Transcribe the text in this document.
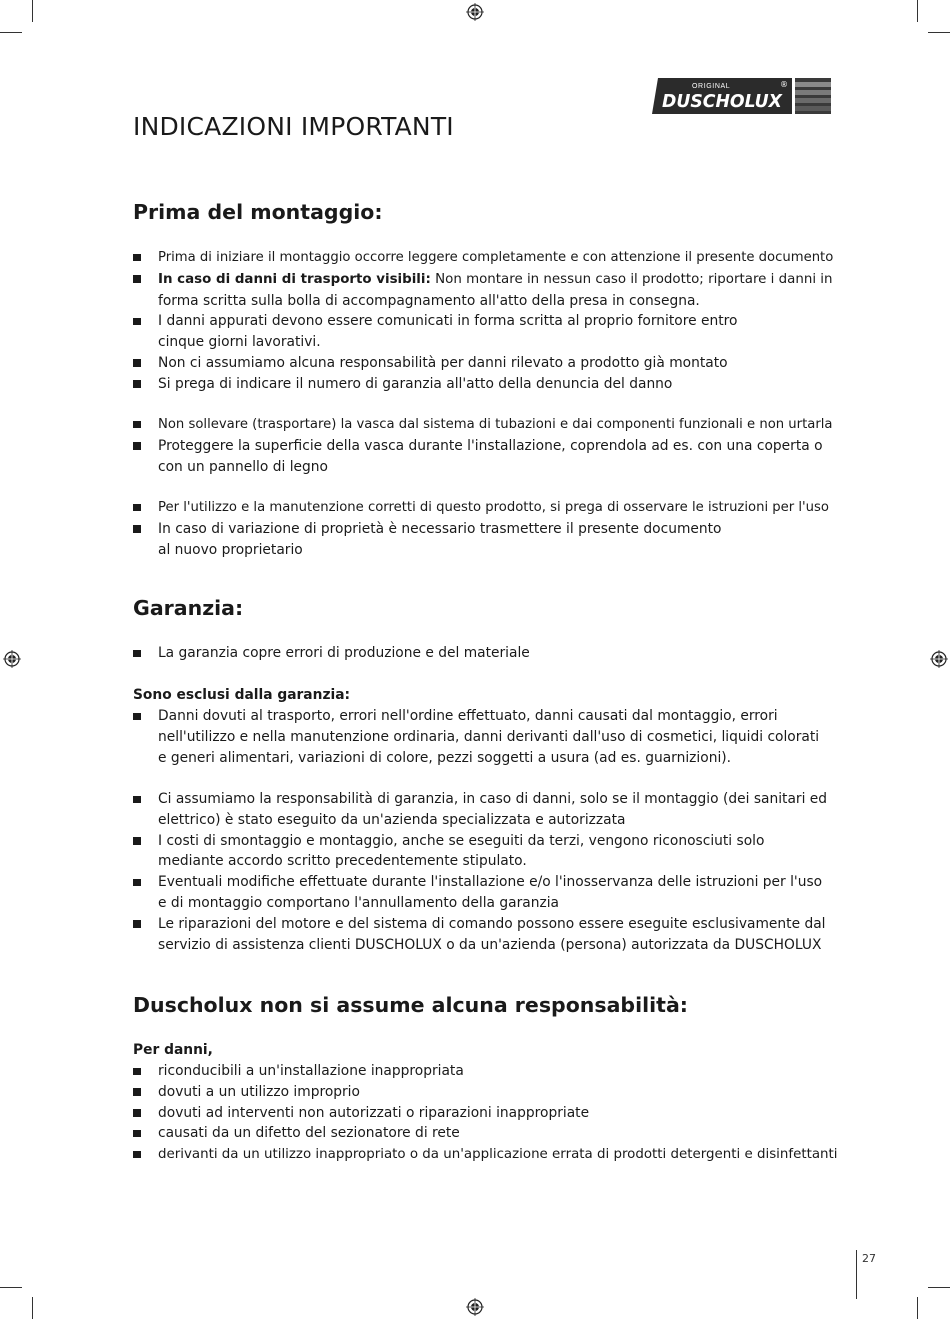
ORIGINAL
DUSCHOLUX
®
INDICAZIONI IMPORTANTI
Prima del montaggio:
Prima di iniziare il montaggio occorre leggere completamente e con attenzione il presente documento
In caso di danni di trasporto visibili: Non montare in nessun caso il prodotto; riportare i danni in
forma scritta sulla bolla di accompagnamento all'atto della presa in consegna.
I danni appurati devono essere comunicati in forma scritta al proprio fornitore entro
cinque giorni lavorativi.
Non ci assumiamo alcuna responsabilità per danni rilevato a prodotto già montato
Si prega di indicare il numero di garanzia all'atto della denuncia del danno
Non sollevare (trasportare) la vasca dal sistema di tubazioni e dai componenti funzionali e non urtarla
Proteggere la superficie della vasca durante l'installazione, coprendola ad es. con una coperta o
con un pannello di legno
Per l'utilizzo e la manutenzione corretti di questo prodotto, si prega di osservare le istruzioni per l'uso
In caso di variazione di proprietà è necessario trasmettere il presente documento
al nuovo proprietario
Garanzia:
La garanzia copre errori di produzione e del materiale
Sono esclusi dalla garanzia:
Danni dovuti al trasporto, errori nell'ordine effettuato, danni causati dal montaggio, errori
nell'utilizzo e nella manutenzione ordinaria, danni derivanti dall'uso di cosmetici, liquidi colorati
e generi alimentari, variazioni di colore, pezzi soggetti a usura (ad es. guarnizioni).
Ci assumiamo la responsabilità di garanzia, in caso di danni, solo se il montaggio (dei sanitari ed
elettrico) è stato eseguito da un'azienda specializzata e autorizzata
I costi di smontaggio e montaggio, anche se eseguiti da terzi, vengono riconosciuti solo
mediante accordo scritto precedentemente stipulato.
Eventuali modifiche effettuate durante l'installazione e/o l'inosservanza delle istruzioni per l'uso
e di montaggio comportano l'annullamento della garanzia
Le riparazioni del motore e del sistema di comando possono essere eseguite esclusivamente dal
servizio di assistenza clienti DUSCHOLUX o da un'azienda (persona) autorizzata da DUSCHOLUX
Duscholux non si assume alcuna responsabilità:
Per danni,
riconducibili a un'installazione inappropriata
dovuti a un utilizzo improprio
dovuti ad interventi non autorizzati o riparazioni inappropriate
causati da un difetto del sezionatore di rete
derivanti da un utilizzo inappropriato o da un'applicazione errata di prodotti detergenti e disinfettanti
27
